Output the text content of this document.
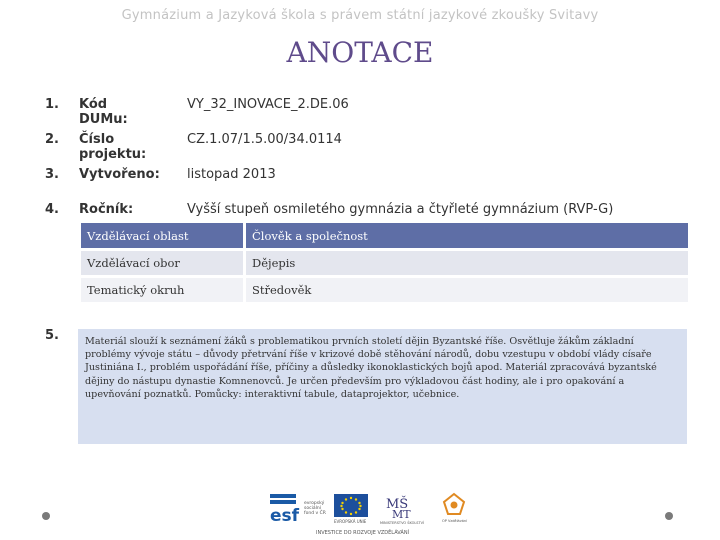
Gymnázium a Jazyková škola s právem státní jazykové zkoušky Svitavy
ANOTACE
1.	Kód DUMu:
VY_32_INOVACE_2.DE.06
2.	Číslo projektu:
CZ.1.07/1.5.00/34.0114
3.	Vytvořeno: listopad 2013
4.	Ročník:	Vyšší stupeň osmiletého gymnázia a čtyřleté gymnázium (RVP-G)
Vzdělávací oblast	Člověk a společnost
Vzdělávací obor	Dějepis
Tematický okruh	Středověk
5.	Materiál slouží k seznámení žáků s problematikou prvních století dějin Byzantské říše. Osvětluje žákům základní problémy vývoje státu – důvody přetrvání říše v krizové době stěhování národů, dobu vzestupu v období vlády císaře Justiniána I., problém uspořádání říše, příčiny a důsledky ikonoklastických bojů apod. Materiál zpracovává byzantské dějiny do nástupu dynastie Komnenovců. Je určen především pro výkladovou část hodiny, ale i pro opakování a upevňování poznatků. Pomůcky: interaktivní tabule, dataprojektor, učebnice.
esf
evropský
sociální
fond v ČR
EVROPSKÁ UNIE
MŠ
MT
MINISTERSTVO ŠKOLSTVÍ	OP Vzdělávání
INVESTICE DO ROZVOJE VZDĚLÁVÁNÍ
